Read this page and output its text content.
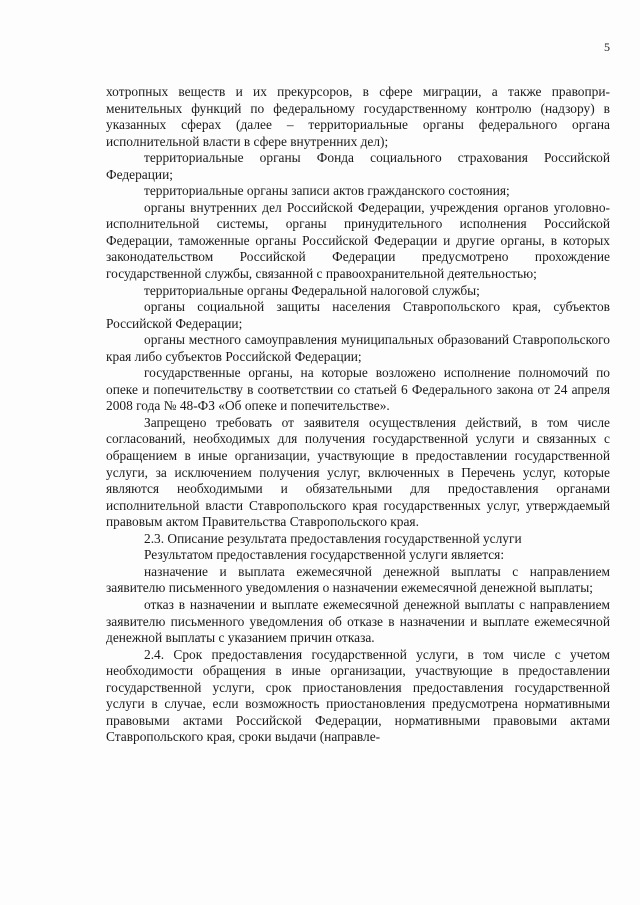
5

хотропных веществ и их прекурсоров, в сфере миграции, а также правоприменительных функций по федеральному государственному контролю (надзору) в указанных сферах (далее – территориальные органы федерального органа исполнительной власти в сфере внутренних дел);

территориальные органы Фонда социального страхования Российской Федерации;

территориальные органы записи актов гражданского состояния;

органы внутренних дел Российской Федерации, учреждения органов уголовно-исполнительной системы, органы принудительного исполнения Российской Федерации, таможенные органы Российской Федерации и другие органы, в которых законодательством Российской Федерации предусмотрено прохождение государственной службы, связанной с правоохранительной деятельностью;

территориальные органы Федеральной налоговой службы;

органы социальной защиты населения Ставропольского края, субъектов Российской Федерации;

органы местного самоуправления муниципальных образований Ставропольского края либо субъектов Российской Федерации;

государственные органы, на которые возложено исполнение полномочий по опеке и попечительству в соответствии со статьей 6 Федерального закона от 24 апреля 2008 года № 48-ФЗ «Об опеке и попечительстве».

Запрещено требовать от заявителя осуществления действий, в том числе согласований, необходимых для получения государственной услуги и связанных с обращением в иные организации, участвующие в предоставлении государственной услуги, за исключением получения услуг, включенных в Перечень услуг, которые являются необходимыми и обязательными для предоставления органами исполнительной власти Ставропольского края государственных услуг, утверждаемый правовым актом Правительства Ставропольского края.

2.3. Описание результата предоставления государственной услуги

Результатом предоставления государственной услуги является:

назначение и выплата ежемесячной денежной выплаты с направлением заявителю письменного уведомления о назначении ежемесячной денежной выплаты;

отказ в назначении и выплате ежемесячной денежной выплаты с направлением заявителю письменного уведомления об отказе в назначении и выплате ежемесячной денежной выплаты с указанием причин отказа.

2.4. Срок предоставления государственной услуги, в том числе с учетом необходимости обращения в иные организации, участвующие в предоставлении государственной услуги, срок приостановления предоставления государственной услуги в случае, если возможность приостановления предусмотрена нормативными правовыми актами Российской Федерации, нормативными правовыми актами Ставропольского края, сроки выдачи (направле-
